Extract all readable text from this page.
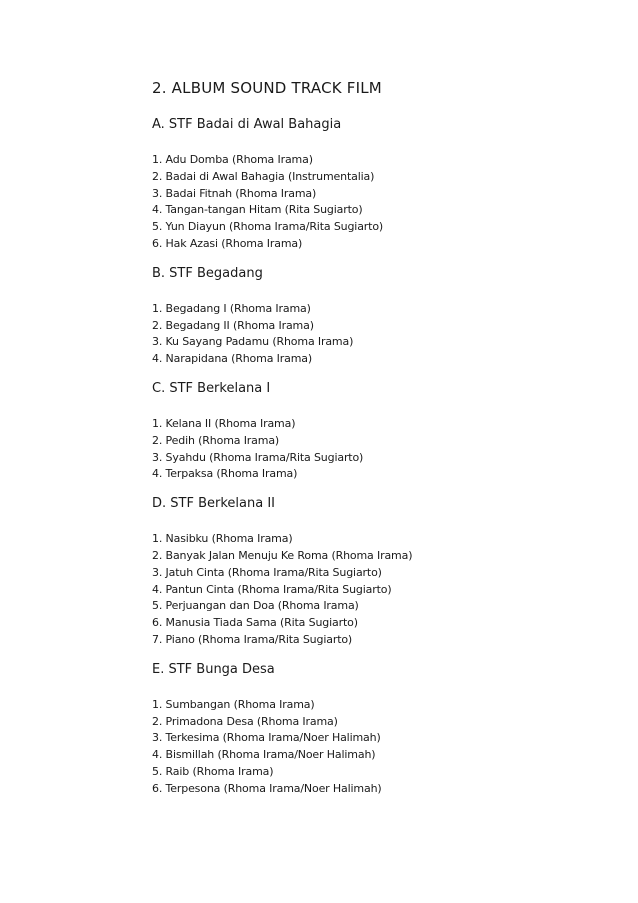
2. ALBUM SOUND TRACK FILM
A. STF Badai di Awal Bahagia
1. Adu Domba (Rhoma Irama)
2. Badai di Awal Bahagia (Instrumentalia)
3. Badai Fitnah (Rhoma Irama)
4. Tangan-tangan Hitam (Rita Sugiarto)
5. Yun Diayun (Rhoma Irama/Rita Sugiarto)
6. Hak Azasi (Rhoma Irama)
B. STF Begadang
1. Begadang I (Rhoma Irama)
2. Begadang II (Rhoma Irama)
3. Ku Sayang Padamu (Rhoma Irama)
4. Narapidana (Rhoma Irama)
C. STF Berkelana I
1. Kelana II (Rhoma Irama)
2. Pedih (Rhoma Irama)
3. Syahdu (Rhoma Irama/Rita Sugiarto)
4. Terpaksa (Rhoma Irama)
D. STF Berkelana II
1. Nasibku (Rhoma Irama)
2. Banyak Jalan Menuju Ke Roma (Rhoma Irama)
3. Jatuh Cinta (Rhoma Irama/Rita Sugiarto)
4. Pantun Cinta (Rhoma Irama/Rita Sugiarto)
5. Perjuangan dan Doa (Rhoma Irama)
6. Manusia Tiada Sama (Rita Sugiarto)
7. Piano (Rhoma Irama/Rita Sugiarto)
E. STF Bunga Desa
1. Sumbangan (Rhoma Irama)
2. Primadona Desa (Rhoma Irama)
3. Terkesima (Rhoma Irama/Noer Halimah)
4. Bismillah (Rhoma Irama/Noer Halimah)
5. Raib (Rhoma Irama)
6. Terpesona (Rhoma Irama/Noer Halimah)
